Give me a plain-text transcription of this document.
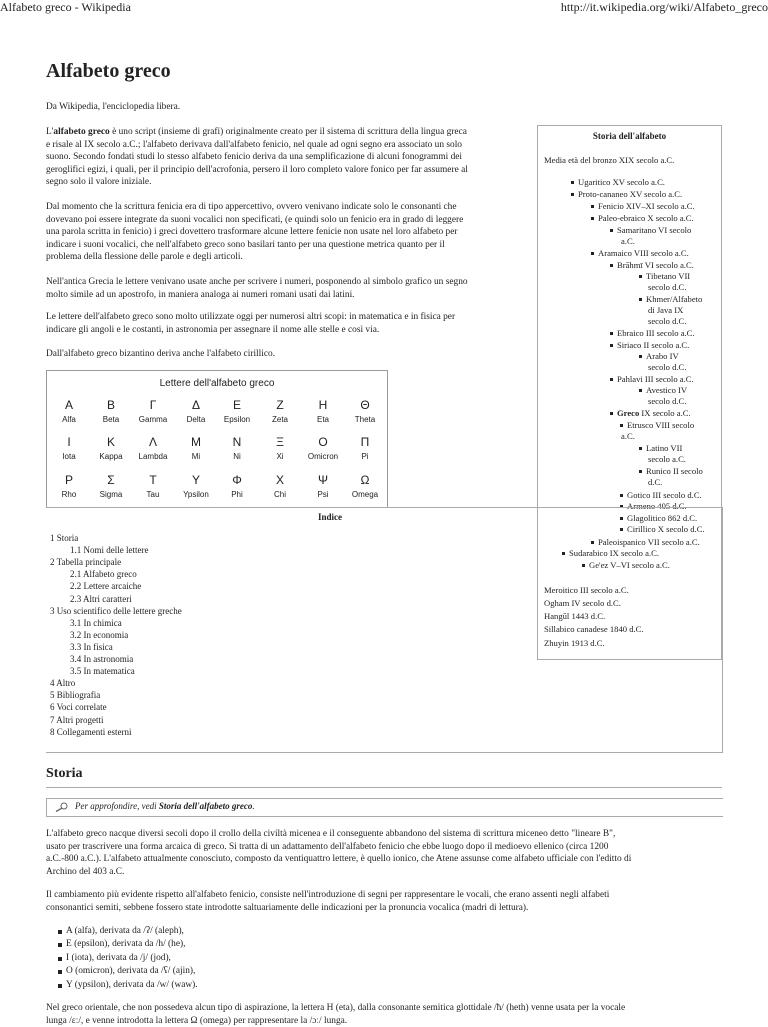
Alfabeto greco - Wikipedia	http://it.wikipedia.org/wiki/Alfabeto_greco
Alfabeto greco

Da Wikipedia, l'enciclopedia libera.

L'alfabeto greco è uno script (insieme di grafi) originalmente creato per il sistema di scrittura della lingua greca

e risale al IX secolo a.C.; l'alfabeto derivava dall'alfabeto fenicio, nel quale ad ogni segno era associato un solo

suono. Secondo fondati studi lo stesso alfabeto fenicio deriva da una semplificazione di alcuni fonogrammi dei

geroglifici egizi, i quali, per il principio dell'acrofonia, persero il loro completo valore fonico per far assumere al

segno solo il valore iniziale.

Dal momento che la scrittura fenicia era di tipo appercettivo, ovvero venivano indicate solo le consonanti che

dovevano poi essere integrate da suoni vocalici non specificati, (e quindi solo un fenicio era in grado di leggere

una parola scritta in fenicio) i greci dovettero trasformare alcune lettere fenicie non usate nel loro alfabeto per

indicare i suoni vocalici, che nell'alfabeto greco sono basilari tanto per una questione metrica quanto per il

problema della flessione delle parole e degli articoli.

Nell'antica Grecia le lettere venivano usate anche per scrivere i numeri, posponendo al simbolo grafico un segno

molto simile ad un apostrofo, in maniera analoga ai numeri romani usati dai latini.

Le lettere dell'alfabeto greco sono molto utilizzate oggi per numerosi altri scopi: in matematica e in fisica per

indicare gli angoli e le costanti, in astronomia per assegnare il nome alle stelle e così via.

Dall'alfabeto greco bizantino deriva anche l'alfabeto cirillico.

Storia dell'alfabeto
Media età del bronzo XIX secolo a.C.
Ugaritico XV secolo a.C.
Proto-cananeo XV secolo a.C.
Fenicio XIV–XI secolo a.C.
Paleo-ebraico X secolo a.C.
Samaritano VI secolo
a.C.
Aramaico VIII secolo a.C.
Brāhmī VI secolo a.C.
Tibetano VII
secolo d.C.
Khmer/Alfabeto
di Java IX
secolo d.C.
Ebraico III secolo a.C.
Siriaco II secolo a.C.
Arabo IV
secolo d.C.
Pahlavi III secolo a.C.
Avestico IV
secolo d.C.
Greco IX secolo a.C.
Etrusco VIII secolo
a.C.
Latino VII
secolo a.C.
Runico II secolo
d.C.
Gotico III secolo d.C.
Armeno 405 d.C.
Glagolitico 862 d.C.
Cirillico X secolo d.C.
Paleoispanico VII secolo a.C.
Sudarabico IX secolo a.C.
Ge'ez V–VI secolo a.C.
Meroitico III secolo a.C.
Ogham IV secolo d.C.
Hangŭl 1443 d.C.
Sillabico canadese 1840 d.C.
Zhuyin 1913 d.C.
Lettere dell'alfabeto greco
Α
Alfa
Β
Beta
Γ
Gamma
Δ
Delta
Ε
Epsilon
Ζ
Zeta
Η
Eta
Θ
Theta
Ι
Iota
Κ
Kappa
Λ
Lambda
Μ
Mi
Ν
Ni
Ξ
Xi
Ο
Omicron
Π
Pi
Ρ
Rho
Σ
Sigma
Τ
Tau
Υ
Ypsilon
Φ
Phi
Χ
Chi
Ψ
Psi
Ω
Omega
Indice
1 Storia
1.1 Nomi delle lettere
2 Tabella principale
2.1 Alfabeto greco
2.2 Lettere arcaiche
2.3 Altri caratteri
3 Uso scientifico delle lettere greche
3.1 In chimica
3.2 In economia
3.3 In fisica
3.4 In astronomia
3.5 In matematica
4 Altro
5 Bibliografia
6 Voci correlate
7 Altri progetti
8 Collegamenti esterni
Storia
Per approfondire, vedi Storia dell'alfabeto greco.

L'alfabeto greco nacque diversi secoli dopo il crollo della civiltà micenea e il conseguente abbandono del sistema di scrittura miceneo detto "lineare B",

usato per trascrivere una forma arcaica di greco. Si tratta di un adattamento dell'alfabeto fenicio che ebbe luogo dopo il medioevo ellenico (circa 1200

a.C.-800 a.C.). L'alfabeto attualmente conosciuto, composto da ventiquattro lettere, è quello ionico, che Atene assunse come alfabeto ufficiale con l'editto di

Archino del 403 a.C.

Il cambiamento più evidente rispetto all'alfabeto fenicio, consiste nell'introduzione di segni per rappresentare le vocali, che erano assenti negli alfabeti

consonantici semiti, sebbene fossero state introdotte saltuariamente delle indicazioni per la pronuncia vocalica (madri di lettura).

A (alfa), derivata da /ʔ/ (aleph),
E (epsilon), derivata da /h/ (he),
I (iota), derivata da /j/ (jod),
O (omicron), derivata da /ʕ/ (ajin),
Y (ypsilon), derivata da /w/ (waw).

Nel greco orientale, che non possedeva alcun tipo di aspirazione, la lettera H (eta), dalla consonante semitica glottidale /ħ/ (heth) venne usata per la vocale

lunga /ɛː/, e venne introdotta la lettera Ω (omega) per rappresentare la /ɔː/ lunga.
